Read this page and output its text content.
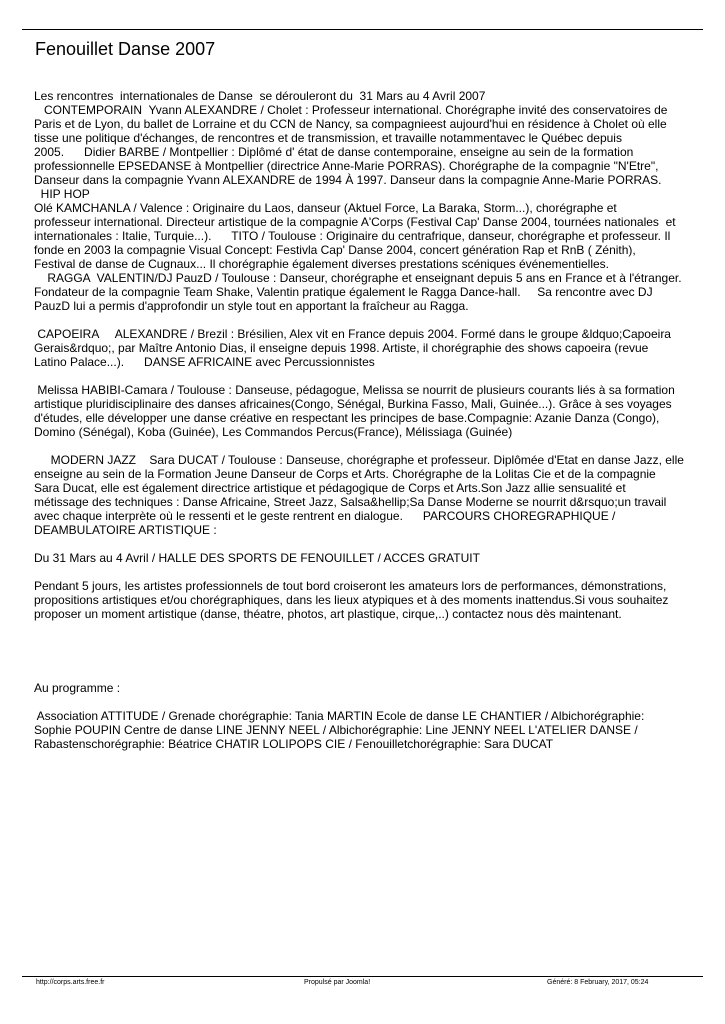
Fenouillet Danse 2007
Les rencontres  internationales de Danse  se dérouleront du  31 Mars au 4 Avril 2007
CONTEMPORAIN  Yvann ALEXANDRE / Cholet : Professeur international. Chorégraphe invité des conservatoires de
Paris et de Lyon, du ballet de Lorraine et du CCN de Nancy, sa compagnieest aujourd'hui en résidence à Cholet où elle
tisse une politique d'échanges, de rencontres et de transmission, et travaille notammentavec le Québec depuis
2005.      Didier BARBE / Montpellier : Diplômé d' état de danse contemporaine, enseigne au sein de la formation
professionnelle EPSEDANSE à Montpellier (directrice Anne-Marie PORRAS). Chorégraphe de la compagnie "N'Etre",
Danseur dans la compagnie Yvann ALEXANDRE de 1994 À 1997. Danseur dans la compagnie Anne-Marie PORRAS.
HIP HOP
Olé KAMCHANLA / Valence : Originaire du Laos, danseur (Aktuel Force, La Baraka, Storm...), chorégraphe et
professeur international. Directeur artistique de la compagnie A'Corps (Festival Cap' Danse 2004, tournées nationales  et
internationales : Italie, Turquie...).      TITO / Toulouse : Originaire du centrafrique, danseur, chorégraphe et professeur. Il
fonde en 2003 la compagnie Visual Concept: Festivla Cap' Danse 2004, concert génération Rap et RnB ( Zénith),
Festival de danse de Cugnaux... Il chorégraphie également diverses prestations scéniques événementielles.
RAGGA  VALENTIN/DJ PauzD / Toulouse : Danseur, chorégraphe et enseignant depuis 5 ans en France et à l'étranger.
Fondateur de la compagnie Team Shake, Valentin pratique également le Ragga Dance-hall.     Sa rencontre avec DJ
PauzD lui a permis d'approfondir un style tout en apportant la fraîcheur au Ragga.
CAPOEIRA     ALEXANDRE / Brezil : Brésilien, Alex vit en France depuis 2004. Formé dans le groupe &ldquo;Capoeira
Gerais&rdquo;, par Maître Antonio Dias, il enseigne depuis 1998. Artiste, il chorégraphie des shows capoeira (revue
Latino Palace...).      DANSE AFRICAINE avec Percussionnistes
Melissa HABIBI-Camara / Toulouse : Danseuse, pédagogue, Melissa se nourrit de plusieurs courants liés à sa formation
artistique pluridisciplinaire des danses africaines(Congo, Sénégal, Burkina Fasso, Mali, Guinée...). Grâce à ses voyages
d'études, elle développer une danse créative en respectant les principes de base.Compagnie: Azanie Danza (Congo),
Domino (Sénégal), Koba (Guinée), Les Commandos Percus(France), Mélissiaga (Guinée)
MODERN JAZZ    Sara DUCAT / Toulouse : Danseuse, chorégraphe et professeur. Diplômée d'Etat en danse Jazz, elle
enseigne au sein de la Formation Jeune Danseur de Corps et Arts. Chorégraphe de la Lolitas Cie et de la compagnie
Sara Ducat, elle est également directrice artistique et pédagogique de Corps et Arts.Son Jazz allie sensualité et
métissage des techniques : Danse Africaine, Street Jazz, Salsa&hellip;Sa Danse Moderne se nourrit d&rsquo;un travail
avec chaque interprète où le ressenti et le geste rentrent en dialogue.      PARCOURS CHOREGRAPHIQUE /
DEAMBULATOIRE ARTISTIQUE :
Du 31 Mars au 4 Avril / HALLE DES SPORTS DE FENOUILLET / ACCES GRATUIT
Pendant 5 jours, les artistes professionnels de tout bord croiseront les amateurs lors de performances, démonstrations,
propositions artistiques et/ou chorégraphiques, dans les lieux atypiques et à des moments inattendus.Si vous souhaitez
proposer un moment artistique (danse, théatre, photos, art plastique, cirque,..) contactez nous dès maintenant.
Au programme :
Association ATTITUDE / Grenade chorégraphie: Tania MARTIN Ecole de danse LE CHANTIER / Albichorégraphie:
Sophie POUPIN Centre de danse LINE JENNY NEEL / Albichorégraphie: Line JENNY NEEL L'ATELIER DANSE /
Rabastenschorégraphie: Béatrice CHATIR LOLIPOPS CIE / Fenouilletchorégraphie: Sara DUCAT
http://corps.arts.free.fr	Propulsé par Joomla!	Généré: 8 February, 2017, 05:24
